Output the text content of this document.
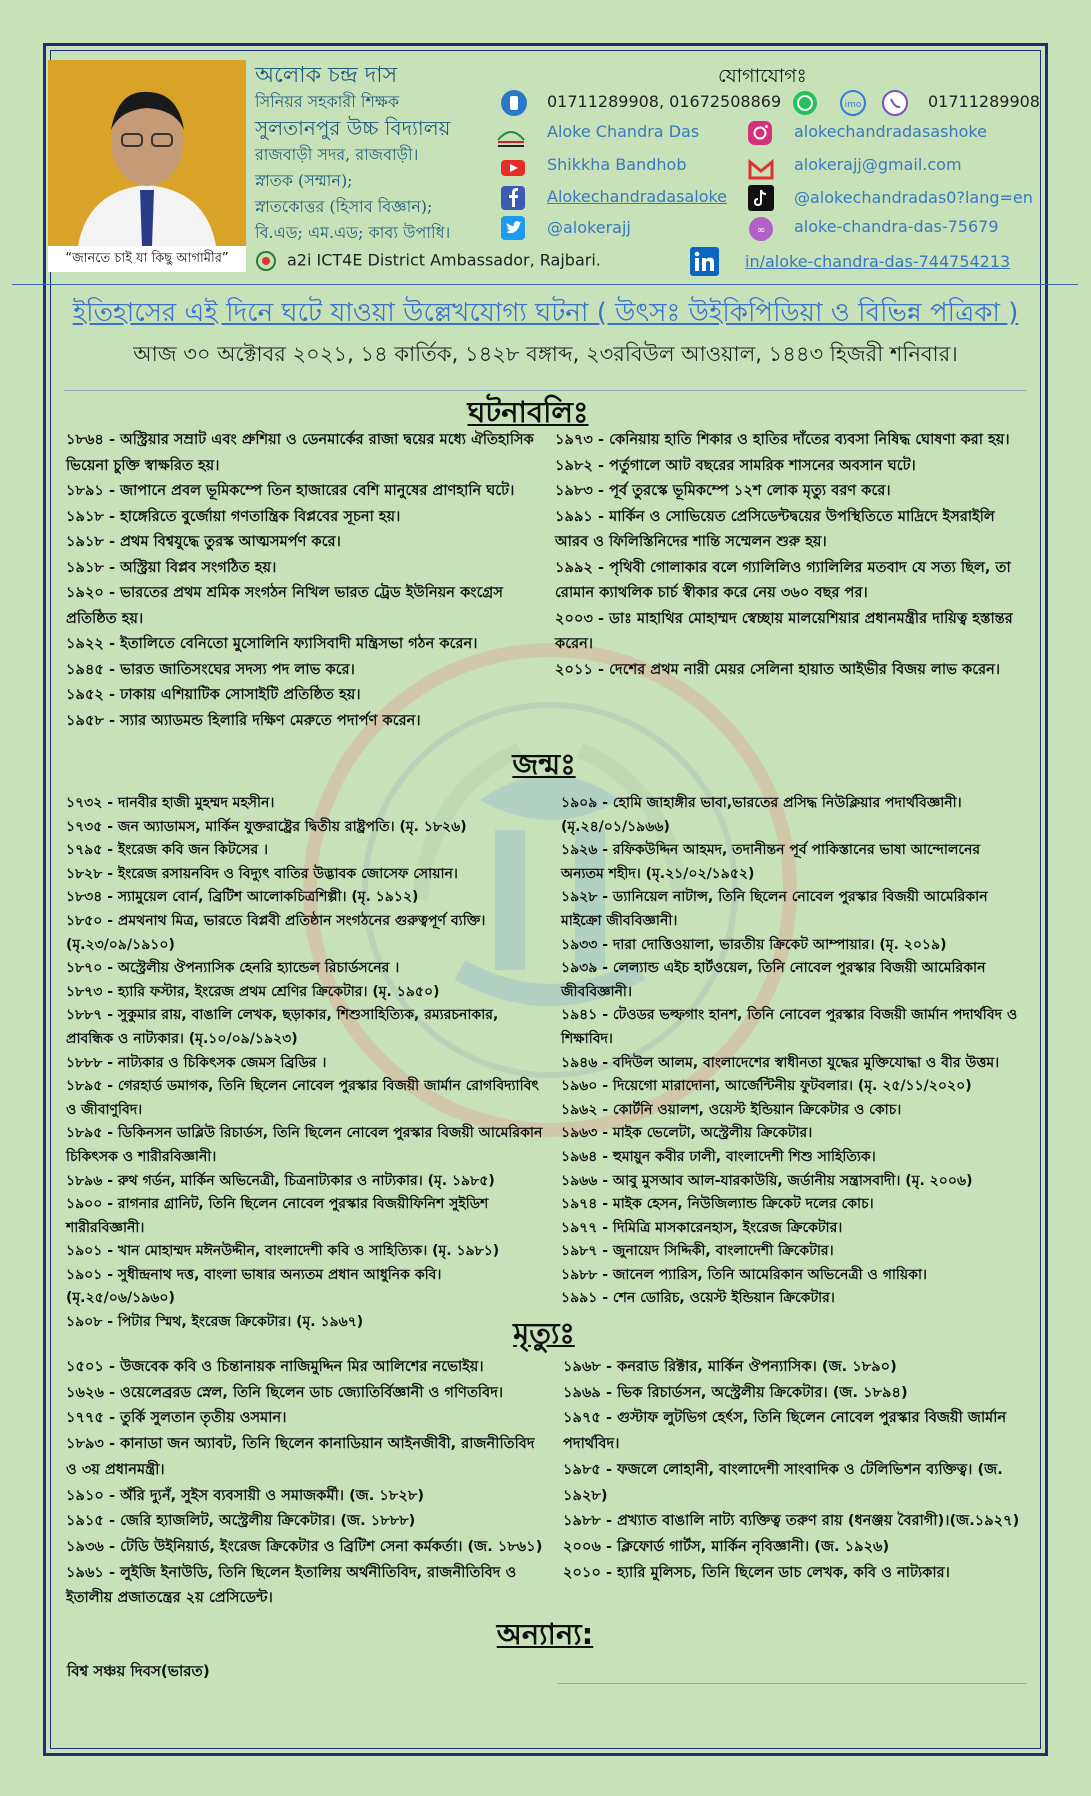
“জানতে চাই যা কিছু আগামীর”
অলোক চন্দ্র দাস
সিনিয়র সহকারী শিক্ষক
সুলতানপুর উচ্চ বিদ্যালয়
রাজবাড়ী সদর, রাজবাড়ী।
স্নাতক (সম্মান);
স্নাতকোত্তর (হিসাব বিজ্ঞান);
বি.এড; এম.এড; কাব্য উপাধি।
a2i ICT4E District Ambassador, Rajbari.
যোগাযোগঃ
01711289908, 01672508869	imo	01711289908
Aloke Chandra Das	alokechandradasashoke
Shikkha Bandhob	alokerajj@gmail.com
Alokechandradasaloke	@alokechandradas0?lang=en
@alokerajj	∞ aloke-chandra-das-75679
in/aloke-chandra-das-744754213
ইতিহাসের এই দিনে ঘটে যাওয়া উল্লেখযোগ্য ঘটনা ( উৎসঃ উইকিপিডিয়া ও বিভিন্ন পত্রিকা )
আজ ৩০ অক্টোবর ২০২১, ১৪ কার্তিক, ১৪২৮ বঙ্গাব্দ, ২৩রবিউল আওয়াল, ১৪৪৩ হিজরী শনিবার।
ঘটনাবলিঃ

১৮৬৪ - অস্ট্রিয়ার সম্রাট এবং প্রুশিয়া ও ডেনমার্কের রাজা দ্বয়ের মধ্যে ঐতিহাসিক ভিয়েনা চুক্তি স্বাক্ষরিত হয়।

১৮৯১ - জাপানে প্রবল ভূমিকম্পে তিন হাজারের বেশি মানুষের প্রাণহানি ঘটে।

১৯১৮ - হাঙ্গেরিতে বুর্জোয়া গণতান্ত্রিক বিপ্লবের সূচনা হয়।

১৯১৮ - প্রথম বিশ্বযুদ্ধে তুরস্ক আত্মসমর্পণ করে।

১৯১৮ - অস্ট্রিয়া বিপ্লব সংগঠিত হয়।

১৯২০ - ভারতের প্রথম শ্রমিক সংগঠন নিখিল ভারত ট্রেড ইউনিয়ন কংগ্রেস প্রতিষ্ঠিত হয়।

১৯২২ - ইতালিতে বেনিতো মুসোলিনি ফ্যাসিবাদী মন্ত্রিসভা গঠন করেন।

১৯৪৫ - ভারত জাতিসংঘের সদস্য পদ লাভ করে।

১৯৫২ - ঢাকায় এশিয়াটিক সোসাইটি প্রতিষ্ঠিত হয়।

১৯৫৮ - স্যার অ্যাডমন্ড হিলারি দক্ষিণ মেরুতে পদার্পণ করেন।

১৯৭৩ - কেনিয়ায় হাতি শিকার ও হাতির দাঁতের ব্যবসা নিষিদ্ধ ঘোষণা করা হয়।

১৯৮২ - পর্তুগালে আট বছরের সামরিক শাসনের অবসান ঘটে।

১৯৮৩ - পূর্ব তুরস্কে ভূমিকম্পে ১২শ লোক মৃত্যু বরণ করে।

১৯৯১ - মার্কিন ও সোভিয়েত প্রেসিডেন্টদ্বয়ের উপস্থিতিতে মাদ্রিদে ইসরাইলি আরব ও ফিলিস্তিনিদের শান্তি সম্মেলন শুরু হয়।

১৯৯২ - পৃথিবী গোলাকার বলে গ্যালিলিও গ্যালিলির মতবাদ যে সত্য ছিল, তা রোমান ক্যাথলিক চার্চ স্বীকার করে নেয় ৩৬০ বছর পর।

২০০৩ - ডাঃ মাহাথির মোহাম্মদ স্বেচ্ছায় মালয়েশিয়ার প্রধানমন্ত্রীর দায়িত্ব হস্তান্তর করেন।

২০১১ - দেশের প্রথম নারী মেয়র সেলিনা হায়াত আইভীর বিজয় লাভ করেন।

জন্মঃ

১৭৩২ - দানবীর হাজী মুহম্মদ মহসীন।

১৭৩৫ - জন অ্যাডামস, মার্কিন যুক্তরাষ্ট্রের দ্বিতীয় রাষ্ট্রপতি। (মৃ. ১৮২৬)

১৭৯৫ - ইংরেজ কবি জন কিটসের ।

১৮২৮ - ইংরেজ রসায়নবিদ ও বিদ্যুৎ বাতির উদ্ভাবক জোসেফ সোয়ান।

১৮৩৪ - স্যামুয়েল বোর্ন, ব্রিটিশ আলোকচিত্রশিল্পী। (মৃ. ১৯১২)

১৮৫০ - প্রমথনাথ মিত্র, ভারতে বিপ্লবী প্রতিষ্ঠান সংগঠনের গুরুত্বপূর্ণ ব্যক্তি। (মৃ.২৩/০৯/১৯১০)

১৮৭০ - অস্ট্রেলীয় ঔপন্যাসিক হেনরি হ্যান্ডেল রিচার্ডসনের ।

১৮৭৩ - হ্যারি ফস্টার, ইংরেজ প্রথম শ্রেণির ক্রিকেটার। (মৃ. ১৯৫০)

১৮৮৭ - সুকুমার রায়, বাঙালি লেখক, ছড়াকার, শিশুসাহিত্যিক, রম্যরচনাকার, প্রাবন্ধিক ও নাট্যকার। (মৃ.১০/০৯/১৯২৩)

১৮৮৮ - নাট্যকার ও চিকিৎসক জেমস ব্রিডির ।

১৮৯৫ - গেরহার্ড ডমাগক, তিনি ছিলেন নোবেল পুরস্কার বিজয়ী জার্মান রোগবিদ্যাবিৎ ও জীবাণুবিদ।

১৮৯৫ - ডিকিনসন ডাব্লিউ রিচার্ডস, তিনি ছিলেন নোবেল পুরস্কার বিজয়ী আমেরিকান চিকিৎসক ও শারীরবিজ্ঞানী।

১৮৯৬ - রুথ গর্ডন, মার্কিন অভিনেত্রী, চিত্রনাট্যকার ও নাট্যকার। (মৃ. ১৯৮৫)

১৯০০ - রাগনার গ্রানিট, তিনি ছিলেন নোবেল পুরস্কার বিজয়ীফিনিশ সুইডিশ শারীরবিজ্ঞানী।

১৯০১ - খান মোহাম্মদ মঈনউদ্দীন, বাংলাদেশী কবি ও সাহিত্যিক। (মৃ. ১৯৮১)

১৯০১ - সুধীন্দ্রনাথ দত্ত, বাংলা ভাষার অন্যতম প্রধান আধুনিক কবি। (মৃ.২৫/০৬/১৯৬০)

১৯০৮ - পিটার স্মিথ, ইংরেজ ক্রিকেটার। (মৃ. ১৯৬৭)

১৯০৯ - হোমি জাহাঙ্গীর ভাবা,ভারতের প্রসিদ্ধ নিউক্লিয়ার পদার্থবিজ্ঞানী।(মৃ.২৪/০১/১৯৬৬)

১৯২৬ - রফিকউদ্দিন আহমদ, তদানীন্তন পূর্ব পাকিস্তানের ভাষা আন্দোলনের অন্যতম শহীদ। (মৃ.২১/০২/১৯৫২)

১৯২৮ - ড্যানিয়েল নাটান্স, তিনি ছিলেন নোবেল পুরস্কার বিজয়ী আমেরিকান মাইক্রো জীববিজ্ঞানী।

১৯৩৩ - দারা দোত্তিওয়ালা, ভারতীয় ক্রিকেট আম্পায়ার। (মৃ. ২০১৯)

১৯৩৯ - লেল্যান্ড এইচ হার্টওয়েল, তিনি নোবেল পুরস্কার বিজয়ী আমেরিকান জীববিজ্ঞানী।

১৯৪১ - টেওডর ভল্ফগাং হানশ, তিনি নোবেল পুরস্কার বিজয়ী জার্মান পদার্থবিদ ও শিক্ষাবিদ।

১৯৪৬ - বদিউল আলম, বাংলাদেশের স্বাধীনতা যুদ্ধের মুক্তিযোদ্ধা ও বীর উত্তম।

১৯৬০ - দিয়েগো মারাদোনা, আর্জেন্টিনীয় ফুটবলার। (মৃ. ২৫/১১/২০২০)

১৯৬২ - কোর্টনি ওয়ালশ, ওয়েস্ট ইন্ডিয়ান ক্রিকেটার ও কোচ।

১৯৬৩ - মাইক ভেলেটা, অস্ট্রেলীয় ক্রিকেটার।

১৯৬৪ - হুমায়ুন কবীর ঢালী, বাংলাদেশী শিশু সাহিত্যিক।

১৯৬৬ - আবু মুসআব আল-যারকাউয়ি, জর্ডানীয় সন্ত্রাসবাদী। (মৃ. ২০০৬)

১৯৭৪ - মাইক হেসন, নিউজিল্যান্ড ক্রিকেট দলের কোচ।

১৯৭৭ - দিমিত্রি মাসকারেনহাস, ইংরেজ ক্রিকেটার।

১৯৮৭ - জুনায়েদ সিদ্দিকী, বাংলাদেশী ক্রিকেটার।

১৯৮৮ - জানেল প্যারিস, তিনি আমেরিকান অভিনেত্রী ও গায়িকা।

১৯৯১ - শেন ডোরিচ, ওয়েস্ট ইন্ডিয়ান ক্রিকেটার।

মৃত্যুঃ

১৫০১ - উজবেক কবি ও চিন্তানায়ক নাজিমুদ্দিন মির আলিশের নভোইয়।

১৬২৬ - ওয়েলেব্ররড স্নেল, তিনি ছিলেন ডাচ জ্যোতির্বিজ্ঞানী ও গণিতবিদ।

১৭৭৫ - তুর্কি সুলতান তৃতীয় ওসমান।

১৮৯৩ - কানাডা জন অ্যাবট, তিনি ছিলেন কানাডিয়ান আইনজীবী, রাজনীতিবিদ ও ৩য় প্রধানমন্ত্রী।

১৯১০ - অঁরি দ্যুনঁ, সুইস ব্যবসায়ী ও সমাজকর্মী। (জ. ১৮২৮)

১৯১৫ - জেরি হ্যাজলিট, অস্ট্রেলীয় ক্রিকেটার। (জ. ১৮৮৮)

১৯৩৬ - টেডি উইনিয়ার্ড, ইংরেজ ক্রিকেটার ও ব্রিটিশ সেনা কর্মকর্তা। (জ. ১৮৬১)

১৯৬১ - লুইজি ইনাউডি, তিনি ছিলেন ইতালিয় অর্থনীতিবিদ, রাজনীতিবিদ ও ইতালীয় প্রজাতন্ত্রের ২য় প্রেসিডেন্ট।

১৯৬৮ - কনরাড রিক্টার, মার্কিন ঔপন্যাসিক। (জ. ১৮৯০)

১৯৬৯ - ভিক রিচার্ডসন, অস্ট্রেলীয় ক্রিকেটার। (জ. ১৮৯৪)

১৯৭৫ - গুস্টাফ লুটভিগ হের্ৎস, তিনি ছিলেন নোবেল পুরস্কার বিজয়ী জার্মান পদার্থবিদ।

১৯৮৫ - ফজলে লোহানী, বাংলাদেশী সাংবাদিক ও টেলিভিশন ব্যক্তিত্ব। (জ. ১৯২৮)

১৯৮৮ - প্রখ্যাত বাঙালি নাট্য ব্যক্তিত্ব তরুণ রায় (ধনঞ্জয় বৈরাগী)।(জ.১৯২৭)

২০০৬ - ক্লিফোর্ড গার্টস, মার্কিন নৃবিজ্ঞানী। (জ. ১৯২৬)

২০১০ - হ্যারি মুলিসচ, তিনি ছিলেন ডাচ লেখক, কবি ও নাট্যকার।

অন্যান্য:
বিশ্ব সঞ্চয় দিবস(ভারত)
